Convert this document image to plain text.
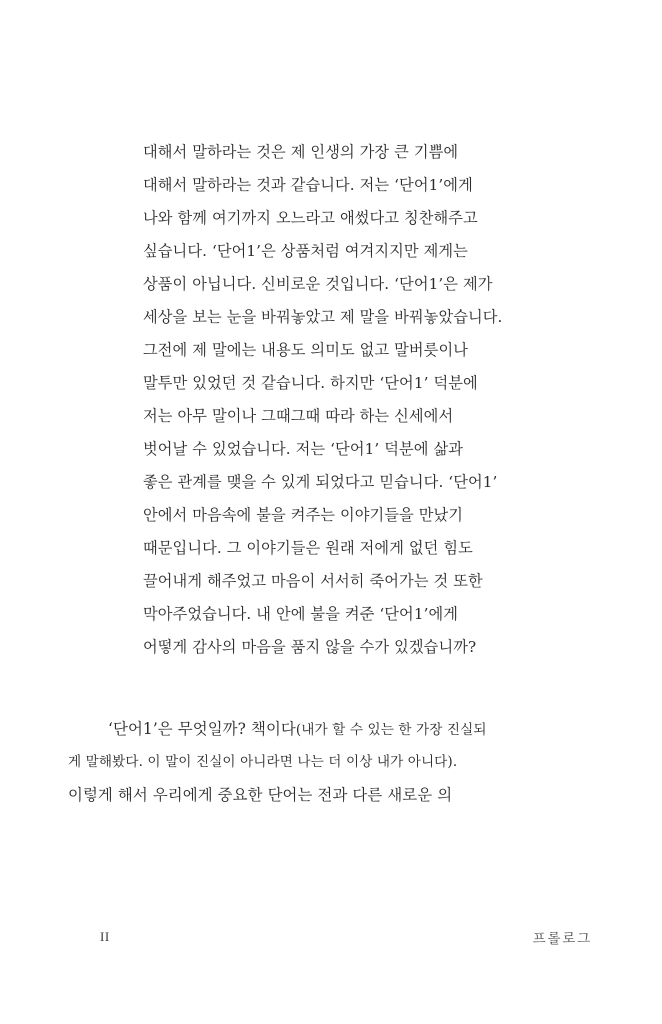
대해서 말하라는 것은 제 인생의 가장 큰 기쁨에
대해서 말하라는 것과 같습니다. 저는 ‘단어1’에게
나와 함께 여기까지 오느라고 애썼다고 칭찬해주고
싶습니다. ‘단어1’은 상품처럼 여겨지지만 제게는
상품이 아닙니다. 신비로운 것입니다. ‘단어1’은 제가
세상을 보는 눈을 바꿔놓았고 제 말을 바꿔놓았습니다.
그전에 제 말에는 내용도 의미도 없고 말버릇이나
말투만 있었던 것 같습니다. 하지만 ‘단어1’ 덕분에
저는 아무 말이나 그때그때 따라 하는 신세에서
벗어날 수 있었습니다. 저는 ‘단어1’ 덕분에 삶과
좋은 관계를 맺을 수 있게 되었다고 믿습니다. ‘단어1’
안에서 마음속에 불을 켜주는 이야기들을 만났기
때문입니다. 그 이야기들은 원래 저에게 없던 힘도
끌어내게 해주었고 마음이 서서히 죽어가는 것 또한
막아주었습니다. 내 안에 불을 켜준 ‘단어1’에게
어떻게 감사의 마음을 품지 않을 수가 있겠습니까?
‘단어1’은 무엇일까? 책이다(내가 할 수 있는 한 가장 진실되
게 말해봤다. 이 말이 진실이 아니라면 나는 더 이상 내가 아니다).
이렇게 해서 우리에게 중요한 단어는 전과 다른 새로운 의
II	프롤로그
